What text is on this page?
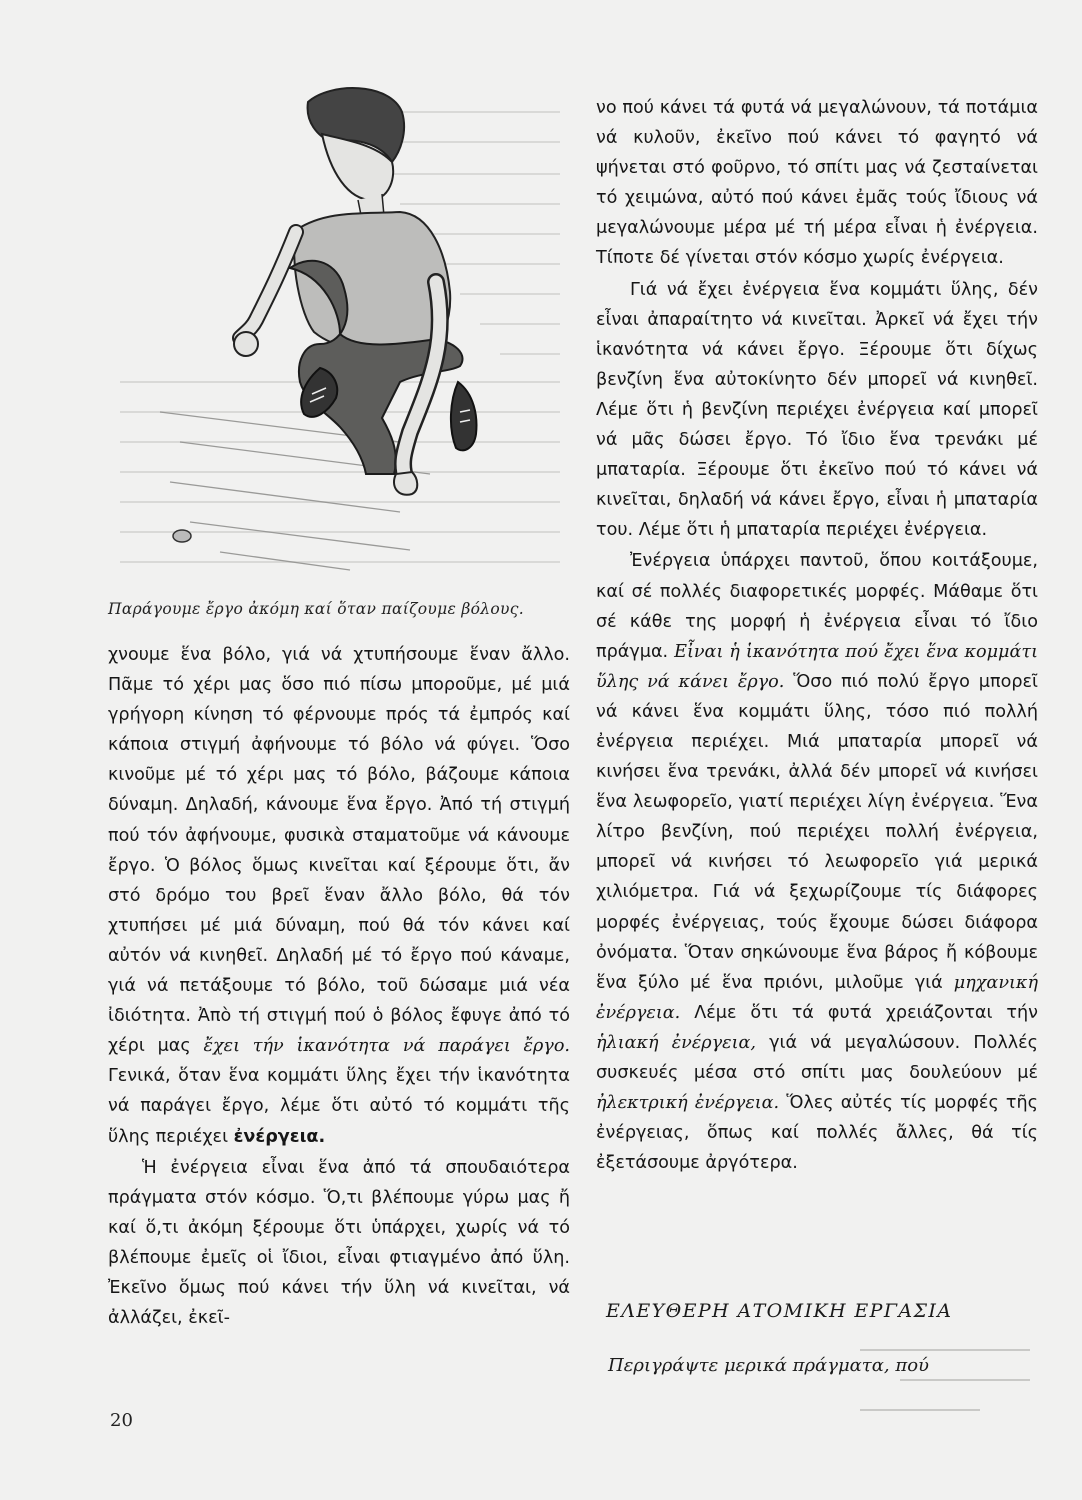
Παράγουμε ἔργο ἀκόμη καί ὅταν παίζουμε βόλους.

χνουμε ἕνα βόλο, γιά νά χτυπήσουμε ἕναν ἄλλο. Πᾶμε τό χέρι μας ὅσο πιό πίσω μποροῦμε, μέ μιά γρήγορη κίνηση τό φέρνουμε πρός τά ἐμπρός καί κάποια στιγμή ἀφήνουμε τό βόλο νά φύγει. Ὅσο κινοῦμε μέ τό χέρι μας τό βόλο, βάζουμε κάποια δύναμη. Δηλαδή, κάνουμε ἕνα ἔργο. Ἀπό τή στιγμή πού τόν ἀφήνουμε, φυσικὰ σταματοῦμε νά κάνουμε ἔργο. Ὁ βόλος ὅμως κινεῖται καί ξέρουμε ὅτι, ἄν στό δρόμο του βρεῖ ἕναν ἄλλο βόλο, θά τόν χτυπήσει μέ μιά δύναμη, πού θά τόν κάνει καί αὐτόν νά κινηθεῖ. Δηλαδή μέ τό ἔργο πού κάναμε, γιά νά πετάξουμε τό βόλο, τοῦ δώσαμε μιά νέα ἰδιότητα. Ἀπὸ τή στιγμή πού ὁ βόλος ἔφυγε ἀπό τό χέρι μας ἔχει τήν ἱκανότητα νά παράγει ἔργο. Γενικά, ὅταν ἕνα κομμάτι ὕλης ἔχει τήν ἱκανότητα νά παράγει ἔργο, λέμε ὅτι αὐτό τό κομμάτι τῆς ὕλης περιέχει ἐνέργεια.

Ἡ ἐνέργεια εἶναι ἕνα ἀπό τά σπουδαιότερα πράγματα στόν κόσμο. Ὅ,τι βλέπουμε γύρω μας ἤ καί ὅ,τι ἀκόμη ξέρουμε ὅτι ὑπάρχει, χωρίς νά τό βλέπουμε ἐμεῖς οἱ ἴδιοι, εἶναι φτιαγμένο ἀπό ὕλη. Ἐκεῖνο ὅμως πού κάνει τήν ὕλη νά κινεῖται, νά ἀλλάζει, ἐκεῖ-

νο πού κάνει τά φυτά νά μεγαλώνουν, τά ποτάμια νά κυλοῦν, ἐκεῖνο πού κάνει τό φαγητό νά ψήνεται στό φοῦρνο, τό σπίτι μας νά ζεσταίνεται τό χειμώνα, αὐτό πού κάνει ἐμᾶς τούς ἴδιους νά μεγαλώνουμε μέρα μέ τή μέρα εἶναι ἡ ἐνέργεια. Τίποτε δέ γίνεται στόν κόσμο χωρίς ἐνέργεια.

Γιά νά ἔχει ἐνέργεια ἕνα κομμάτι ὕλης, δέν εἶναι ἀπαραίτητο νά κινεῖται. Ἀρκεῖ νά ἔχει τήν ἱκανότητα νά κάνει ἔργο. Ξέρουμε ὅτι δίχως βενζίνη ἕνα αὐτοκίνητο δέν μπορεῖ νά κινηθεῖ. Λέμε ὅτι ἡ βενζίνη περιέχει ἐνέργεια καί μπορεῖ νά μᾶς δώσει ἔργο. Τό ἴδιο ἕνα τρενάκι μέ μπαταρία. Ξέρουμε ὅτι ἐκεῖνο πού τό κάνει νά κινεῖται, δηλαδή νά κάνει ἔργο, εἶναι ἡ μπαταρία του. Λέμε ὅτι ἡ μπαταρία περιέχει ἐνέργεια.

Ἐνέργεια ὑπάρχει παντοῦ, ὅπου κοιτάξουμε, καί σέ πολλές διαφορετικές μορφές. Μάθαμε ὅτι σέ κάθε της μορφή ἡ ἐνέργεια εἶναι τό ἴδιο πράγμα. Εἶναι ἡ ἱκανότητα πού ἔχει ἕνα κομμάτι ὕλης νά κάνει ἔργο. Ὅσο πιό πολύ ἔργο μπορεῖ νά κάνει ἕνα κομμάτι ὕλης, τόσο πιό πολλή ἐνέργεια περιέχει. Μιά μπαταρία μπορεῖ νά κινήσει ἕνα τρενάκι, ἀλλά δέν μπορεῖ νά κινήσει ἕνα λεωφορεῖο, γιατί περιέχει λίγη ἐνέργεια. Ἕνα λίτρο βενζίνη, πού περιέχει πολλή ἐνέργεια, μπορεῖ νά κινήσει τό λεωφορεῖο γιά μερικά χιλιόμετρα. Γιά νά ξεχωρίζουμε τίς διάφορες μορφές ἐνέργειας, τούς ἔχουμε δώσει διάφορα ὀνόματα. Ὅταν σηκώνουμε ἕνα βάρος ἤ κόβουμε ἕνα ξύλο μέ ἕνα πριόνι, μιλοῦμε γιά μηχανική ἐνέργεια. Λέμε ὅτι τά φυτά χρειάζονται τήν ἡλιακή ἐνέργεια, γιά νά μεγαλώσουν. Πολλές συσκευές μέσα στό σπίτι μας δουλεύουν μέ ἠλεκτρική ἐνέργεια. Ὅλες αὐτές τίς μορφές τῆς ἐνέργειας, ὅπως καί πολλές ἄλλες, θά τίς ἐξετάσουμε ἀργότερα.

ΕΛΕΥΘΕΡΗ ΑΤΟΜΙΚΗ ΕΡΓΑΣΙΑ
Περιγράψτε μερικά πράγματα, πού
20
